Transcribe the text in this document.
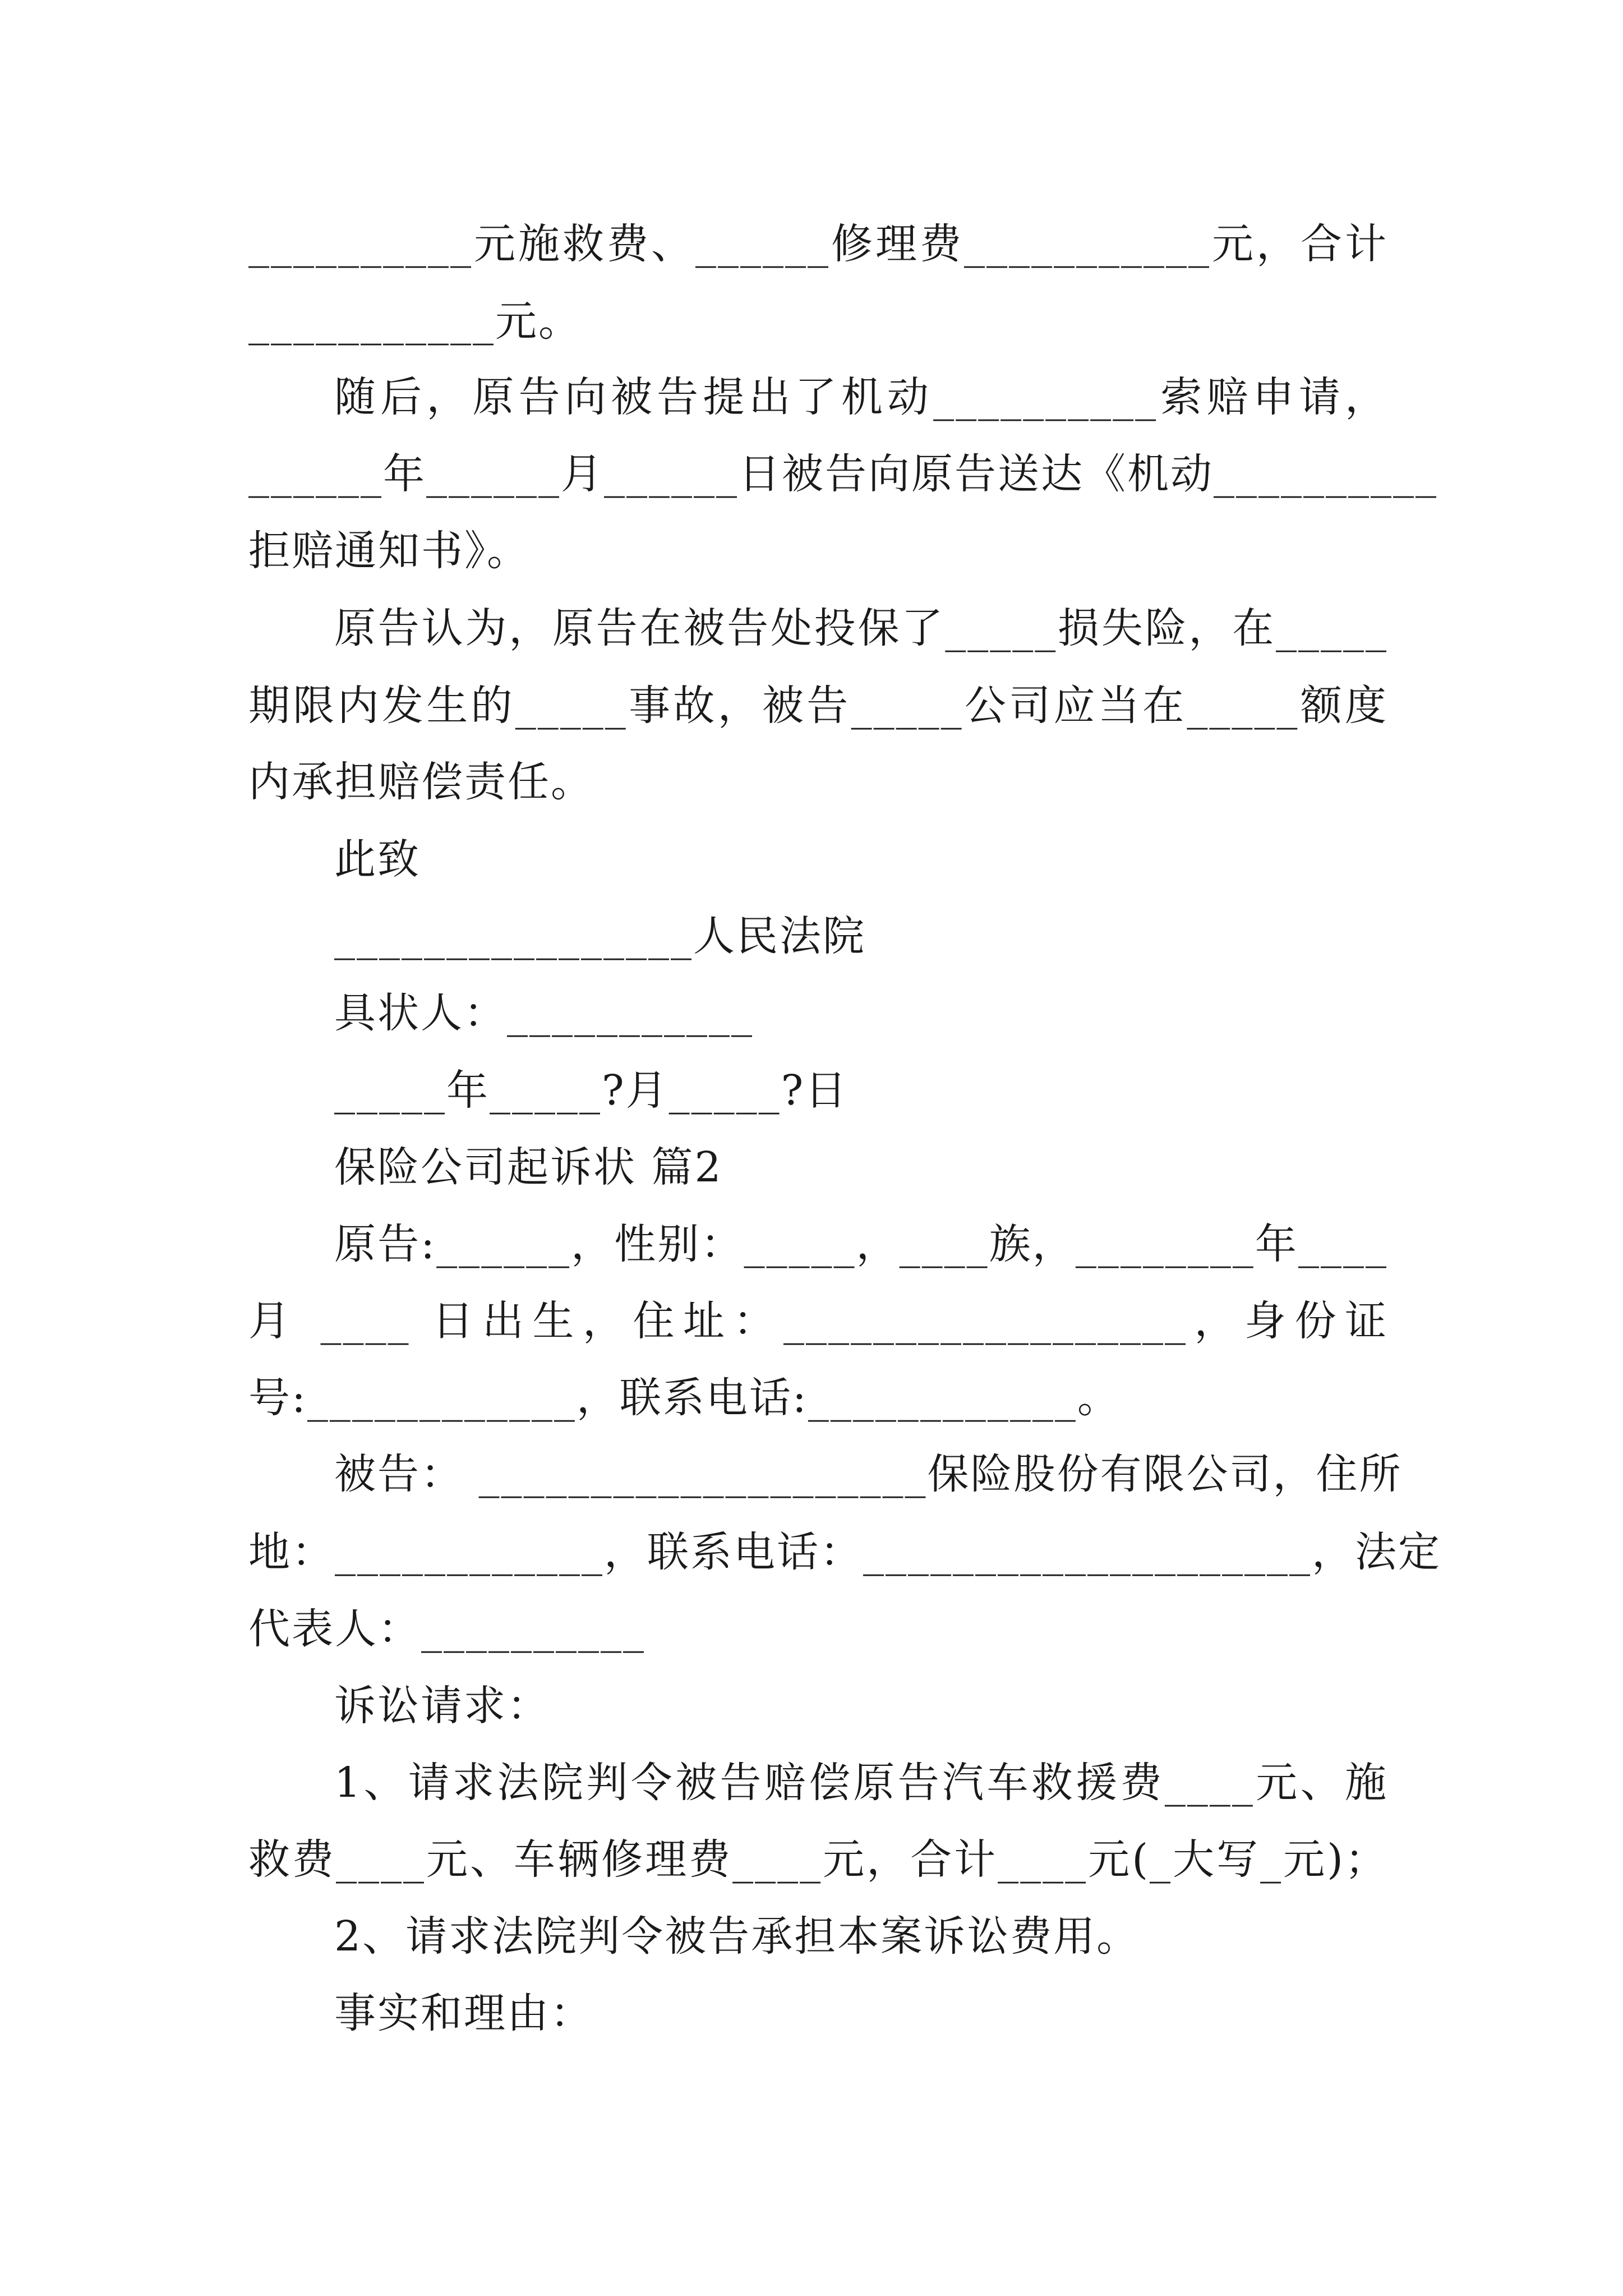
__________元施救费、______修理费___________元，合计
___________元。
随后，原告向被告提出了机动__________索赔申请，
______年______月______日被告向原告送达《机动__________
拒赔通知书》。
原告认为，原告在被告处投保了_____损失险，在_____
期限内发生的_____事故，被告_____公司应当在_____额度
内承担赔偿责任。
此致
________________人民法院
具状人：___________
_____年_____?月_____?日
保险公司起诉状 篇2
原告:______，性别：_____，____族，________年____
月 ____ 日出生，住址：__________________，身份证
号:____________，联系电话:____________。
被告： ____________________保险股份有限公司，住所
地：____________，联系电话：____________________，法定
代表人：__________
诉讼请求：
1、请求法院判令被告赔偿原告汽车救援费____元、施
救费____元、车辆修理费____元，合计____元(_大写_元)；
2、请求法院判令被告承担本案诉讼费用。
事实和理由：
